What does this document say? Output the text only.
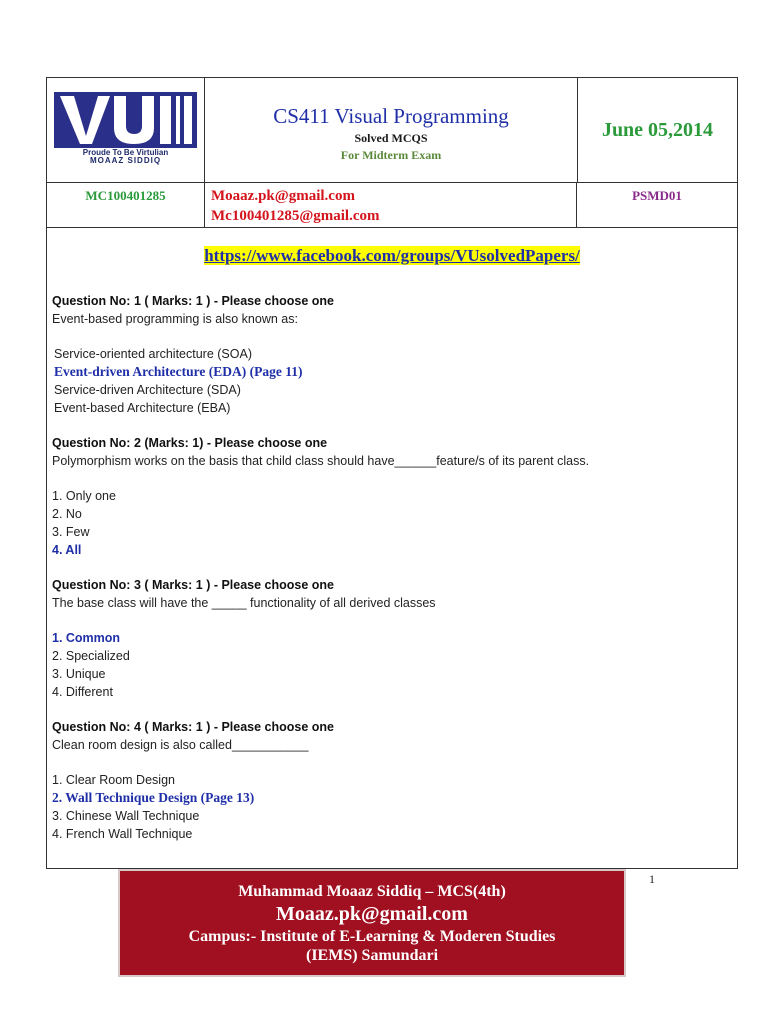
Proude To Be Virtulian
MOAAZ SIDDIQ
CS411 Visual Programming
Solved MCQS
For Midterm Exam
June 05,2014
MC100401285	Moaaz.pk@gmail.com
Mc100401285@gmail.com
PSMD01
https://www.facebook.com/groups/VUsolvedPapers/
Question No: 1 ( Marks: 1 ) - Please choose one
Event-based programming is also known as:
Service-oriented architecture (SOA)
Event-driven Architecture (EDA) (Page 11)
Service-driven Architecture (SDA)
Event-based Architecture (EBA)
Question No: 2 (Marks: 1) - Please choose one
Polymorphism works on the basis that child class should have______feature/s of its parent class.
1. Only one
2. No
3. Few
4. All
Question No: 3 ( Marks: 1 ) - Please choose one
The base class will have the _____ functionality of all derived classes
1. Common
2. Specialized
3. Unique
4. Different
Question No: 4 ( Marks: 1 ) - Please choose one
Clean room design is also called___________
1. Clear Room Design
2. Wall Technique Design (Page 13)
3. Chinese Wall Technique
4. French Wall Technique
1
Muhammad Moaaz Siddiq – MCS(4th)
Moaaz.pk@gmail.com
Campus:- Institute of E-Learning & Moderen Studies
(IEMS) Samundari
